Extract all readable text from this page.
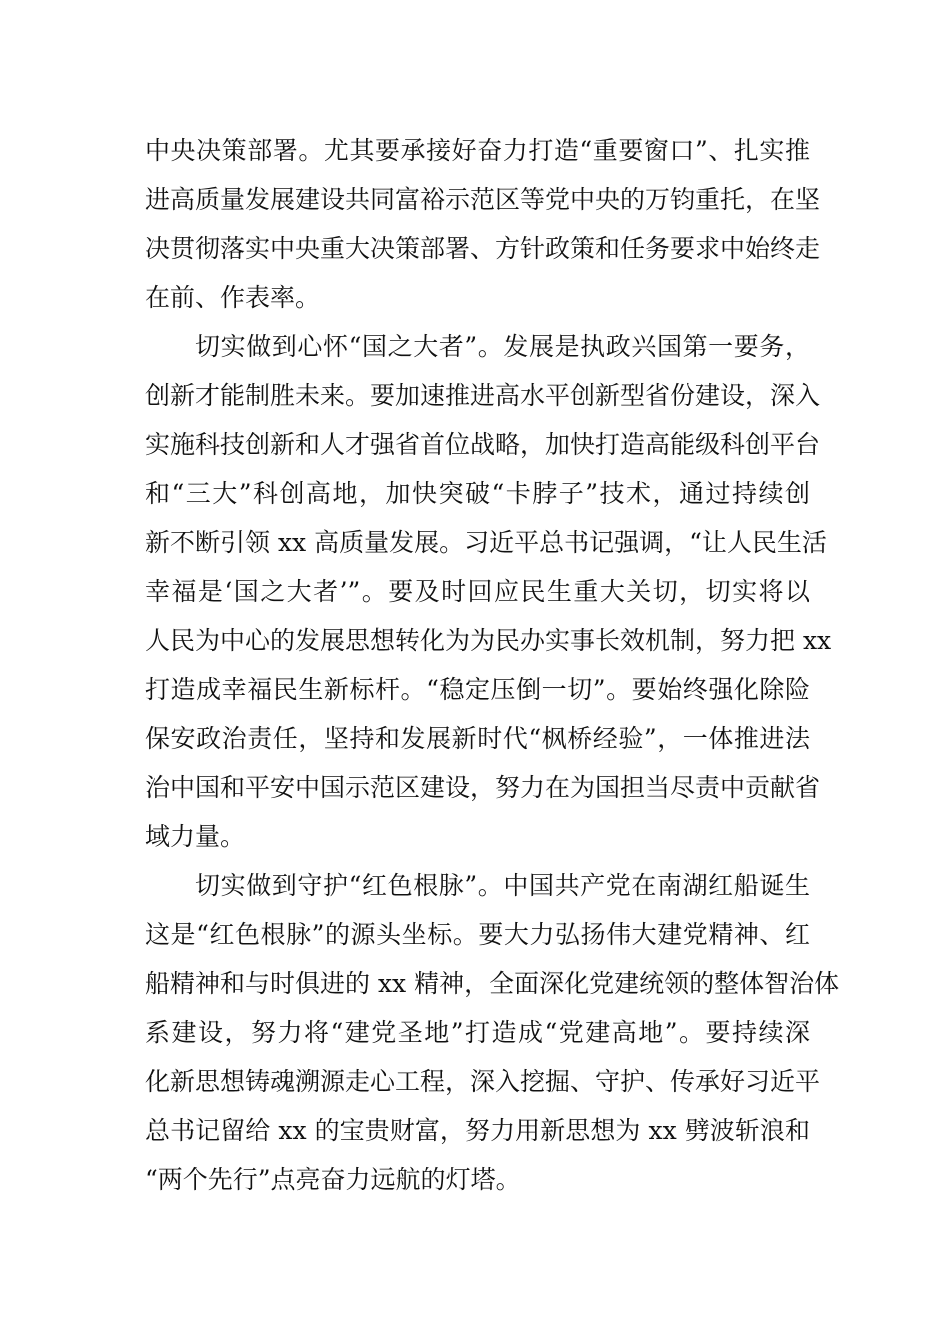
中央决策部署。尤其要承接好奋力打造“重要窗口”、扎实推
进高质量发展建设共同富裕示范区等党中央的万钧重托，在坚
决贯彻落实中央重大决策部署、方针政策和任务要求中始终走
在前、作表率。
切实做到心怀“国之大者”。发展是执政兴国第一要务，
创新才能制胜未来。要加速推进高水平创新型省份建设，深入
实施科技创新和人才强省首位战略，加快打造高能级科创平台
和“三大”科创高地，加快突破“卡脖子”技术，通过持续创
新不断引领 xx 高质量发展。习近平总书记强调，“让人民生活
幸福是‘国之大者’”。要及时回应民生重大关切，切实将以
人民为中心的发展思想转化为为民办实事长效机制，努力把 xx
打造成幸福民生新标杆。“稳定压倒一切”。要始终强化除险
保安政治责任，坚持和发展新时代“枫桥经验”，一体推进法
治中国和平安中国示范区建设，努力在为国担当尽责中贡献省
域力量。
切实做到守护“红色根脉”。中国共产党在南湖红船诞生
这是“红色根脉”的源头坐标。要大力弘扬伟大建党精神、红
船精神和与时俱进的 xx 精神，全面深化党建统领的整体智治体
系建设，努力将“建党圣地”打造成“党建高地”。要持续深
化新思想铸魂溯源走心工程，深入挖掘、守护、传承好习近平
总书记留给 xx 的宝贵财富，努力用新思想为 xx 劈波斩浪和
“两个先行”点亮奋力远航的灯塔。
